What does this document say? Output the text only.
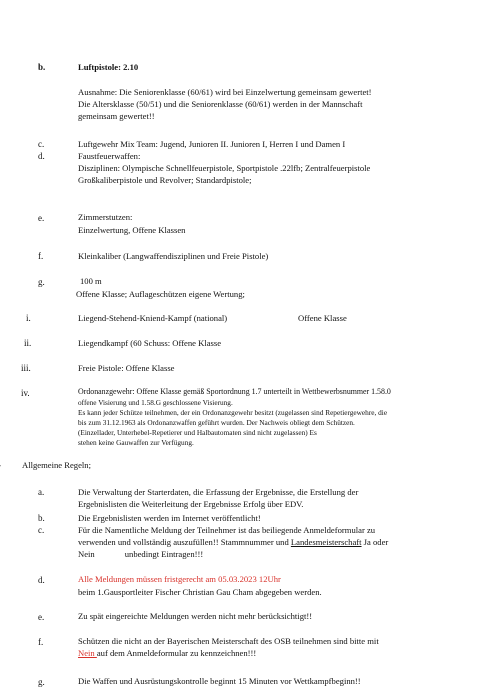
b.	Luftpistole: 2.10
Ausnahme: Die Seniorenklasse (60/61) wird bei Einzelwertung gemeinsam gewertet!
Die Altersklasse (50/51) und die Seniorenklasse (60/61) werden in der Mannschaft
gemeinsam gewertet!!
c.	Luftgewehr Mix Team: Jugend, Junioren II. Junioren I, Herren I und Damen I
d.	Faustfeuerwaffen:
Disziplinen: Olympische Schnellfeuerpistole, Sportpistole .22lfb; Zentralfeuerpistole
Großkaliberpistole und Revolver; Standardpistole;
e.	Zimmerstutzen:
Einzelwertung, Offene Klassen
f.	Kleinkaliber (Langwaffendisziplinen und Freie Pistole)
g.	100 m
Offene Klasse; Auflageschützen eigene Wertung;
i.	Liegend-Stehend-Kniend-Kampf (national)	Offene Klasse
ii.	Liegendkampf (60 Schuss: Offene Klasse
iii.	Freie Pistole: Offene Klasse
iv.	Ordonanzgewehr: Offene Klasse gemäß Sportordnung 1.7 unterteilt in Wettbewerbsnummer 1.58.0
offene Visierung und 1.58.G geschlossene Visierung.
Es kann jeder Schütze teilnehmen, der ein Ordonanzgewehr besitzt (zugelassen sind Repetiergewehre, die
bis zum 31.12.1963 als Ordonanzwaffen geführt wurden. Der Nachweis obliegt dem Schützen.
(Einzellader, Unterhebel-Repetierer und Halbautomaten sind nicht zugelassen) Es
stehen keine Gauwaffen zur Verfügung.
Allgemeine Regeln;
a.	Die Verwaltung der Starterdaten, die Erfassung der Ergebnisse, die Erstellung der
Ergebnislisten die Weiterleitung der Ergebnisse Erfolg über EDV.
b.	Die Ergebnislisten werden im Internet veröffentlicht!
c.	Für die Namentliche Meldung der Teilnehmer ist das beiliegende Anmeldeformular zu
verwenden und vollständig auszufüllen!! Stammnummer und Landesmeisterschaft Ja oder
Nein	unbedingt Eintragen!!!
d.	Alle Meldungen müssen fristgerecht am 05.03.2023 12Uhr
beim 1.Gausportleiter Fischer Christian Gau Cham abgegeben werden.
e.	Zu spät eingereichte Meldungen werden nicht mehr berücksichtigt!!
f.	Schützen die nicht an der Bayerischen Meisterschaft des OSB teilnehmen sind bitte mit
Nein auf dem Anmeldeformular zu kennzeichnen!!!
g.	Die Waffen und Ausrüstungskontrolle beginnt 15 Minuten vor Wettkampfbeginn!!
